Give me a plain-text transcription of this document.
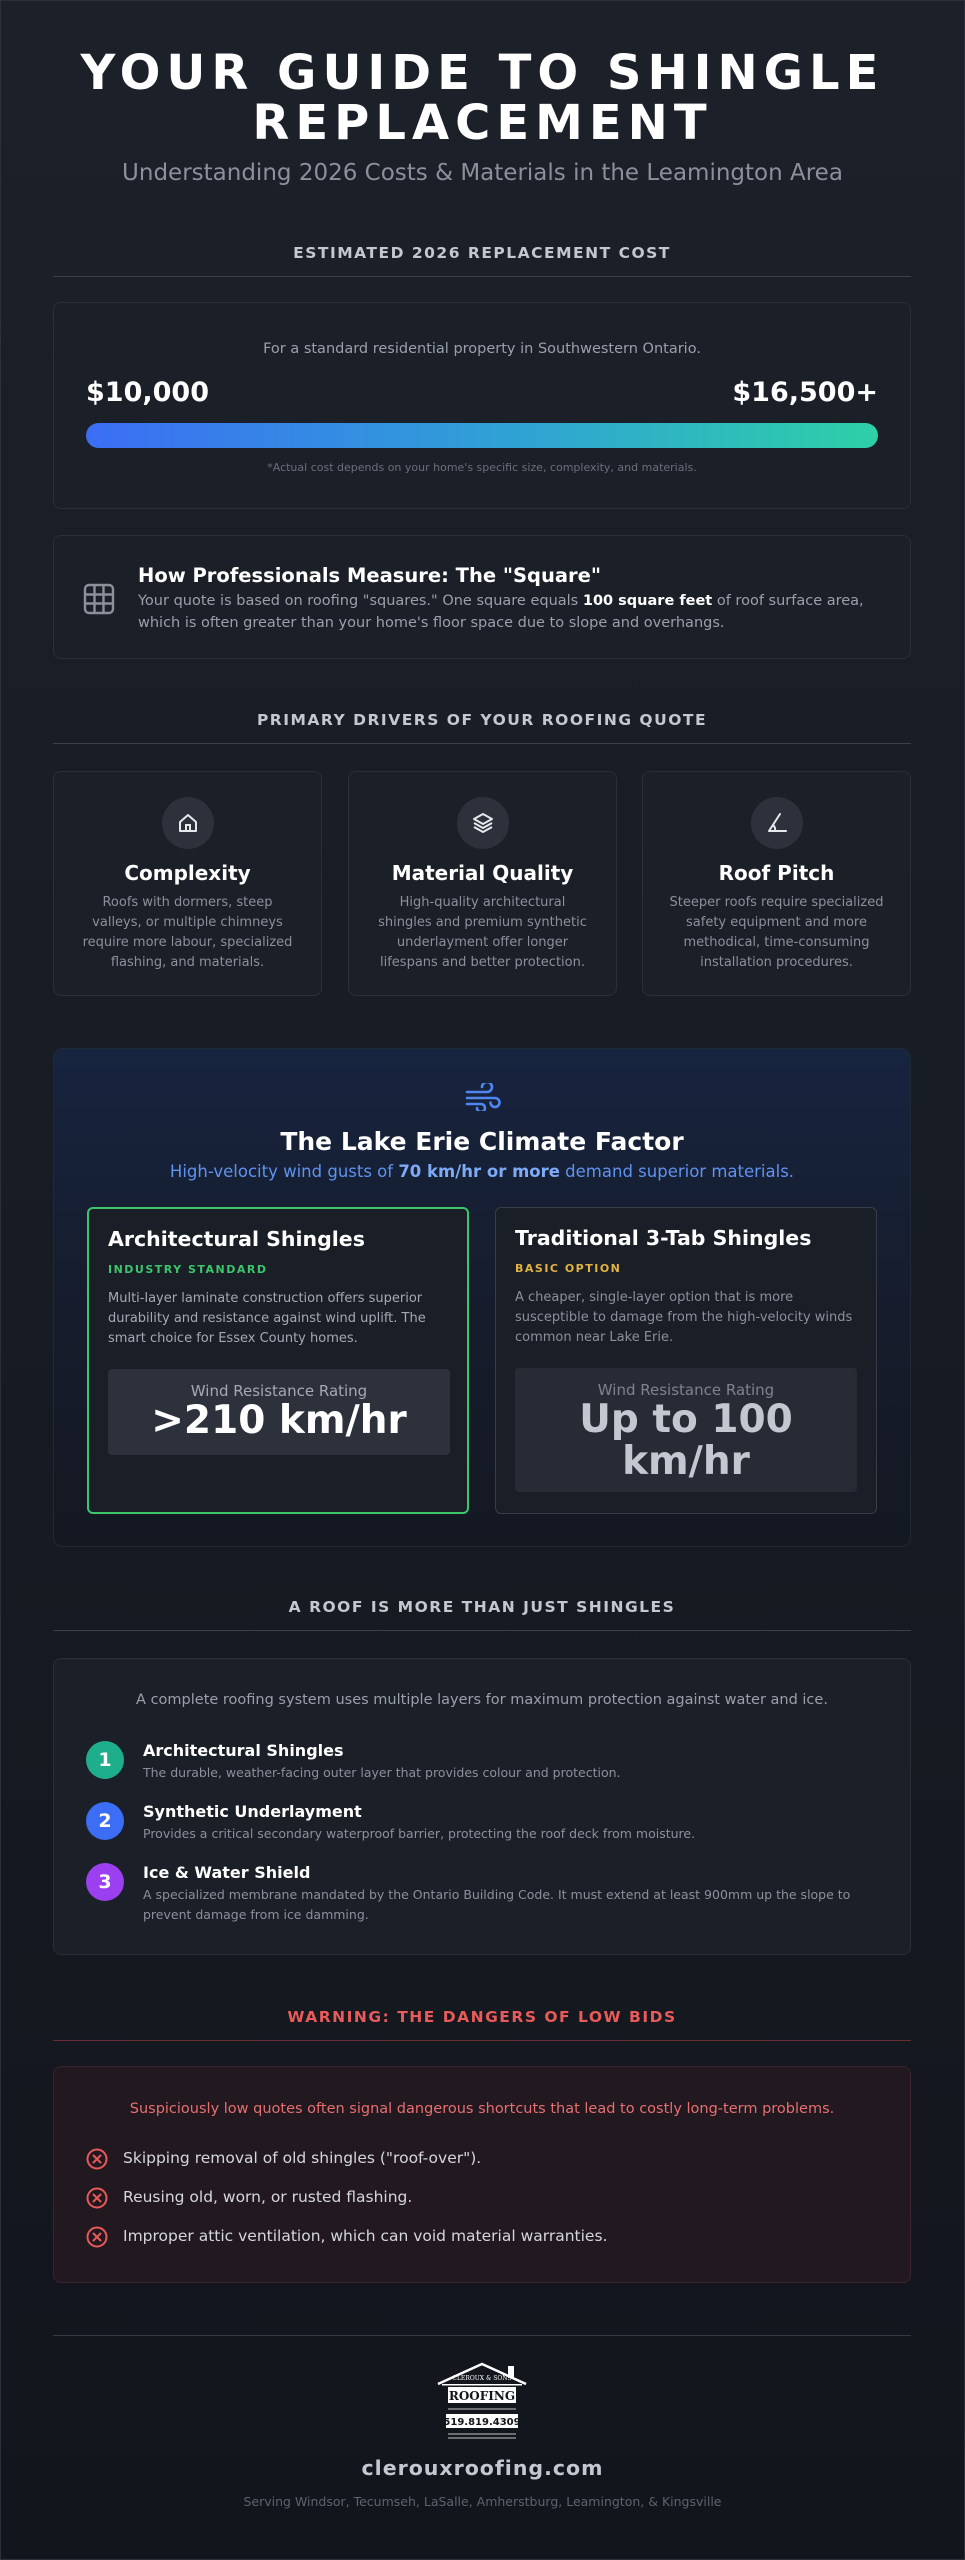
YOUR GUIDE TO SHINGLE
REPLACEMENT
Understanding 2026 Costs & Materials in the Leamington Area
ESTIMATED 2026 REPLACEMENT COST
For a standard residential property in Southwestern Ontario.
$10,000	$16,500+
*Actual cost depends on your home's specific size, complexity, and materials.
How Professionals Measure: The "Square"
Your quote is based on roofing "squares." One square equals 100 square feet of roof surface area, which is often greater than your home's floor space due to slope and overhangs.
PRIMARY DRIVERS OF YOUR ROOFING QUOTE
Complexity
Roofs with dormers, steep valleys, or multiple chimneys require more labour, specialized flashing, and materials.
Material Quality
High-quality architectural shingles and premium synthetic underlayment offer longer lifespans and better protection.
Roof Pitch
Steeper roofs require specialized safety equipment and more methodical, time-consuming installation procedures.
The Lake Erie Climate Factor
High-velocity wind gusts of 70 km/hr or more demand superior materials.
Architectural Shingles
INDUSTRY STANDARD
Multi-layer laminate construction offers superior durability and resistance against wind uplift. The smart choice for Essex County homes.
Wind Resistance Rating
>210 km/hr
Traditional 3-Tab Shingles
BASIC OPTION
A cheaper, single-layer option that is more susceptible to damage from the high-velocity winds common near Lake Erie.
Wind Resistance Rating
Up to 100 km/hr
A ROOF IS MORE THAN JUST SHINGLES
A complete roofing system uses multiple layers for maximum protection against water and ice.
1	Architectural Shingles
The durable, weather-facing outer layer that provides colour and protection.
2	Synthetic Underlayment
Provides a critical secondary waterproof barrier, protecting the roof deck from moisture.
3	Ice & Water Shield
A specialized membrane mandated by the Ontario Building Code. It must extend at least 900mm up the slope to prevent damage from ice damming.
WARNING: THE DANGERS OF LOW BIDS
Suspiciously low quotes often signal dangerous shortcuts that lead to costly long-term problems.
Skipping removal of old shingles ("roof-over").
Reusing old, worn, or rusted flashing.
Improper attic ventilation, which can void material warranties.
CLEROUX & SONS
ROOFING
519.819.4309
clerouxroofing.com
Serving Windsor, Tecumseh, LaSalle, Amherstburg, Leamington, & Kingsville
